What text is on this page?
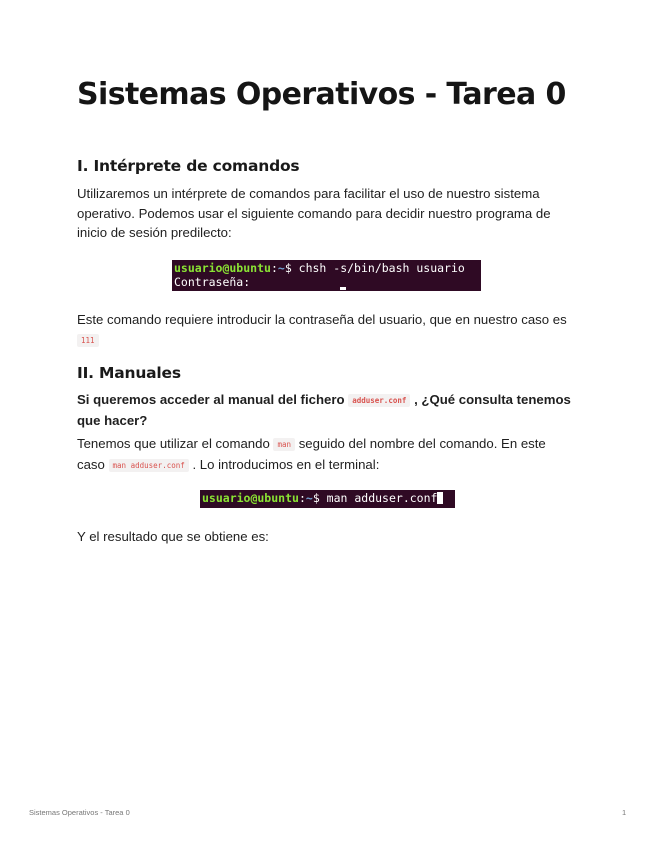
Sistemas Operativos - Tarea 0
I. Intérprete de comandos

Utilizaremos un intérprete de comandos para facilitar el uso de nuestro sistema operativo. Podemos usar el siguiente comando para decidir nuestro programa de inicio de sesión predilecto:

usuario@ubuntu:~$ chsh -s/bin/bash usuario
Contraseña:

Este comando requiere introducir la contraseña del usuario, que en nuestro caso es 111

II. Manuales

Si queremos acceder al manual del fichero adduser.conf , ¿Qué consulta tenemos que hacer?

Tenemos que utilizar el comando man seguido del nombre del comando. En este caso man adduser.conf . Lo introducimos en el terminal:

usuario@ubuntu:~$ man adduser.conf

Y el resultado que se obtiene es:

Sistemas Operativos - Tarea 0	1
